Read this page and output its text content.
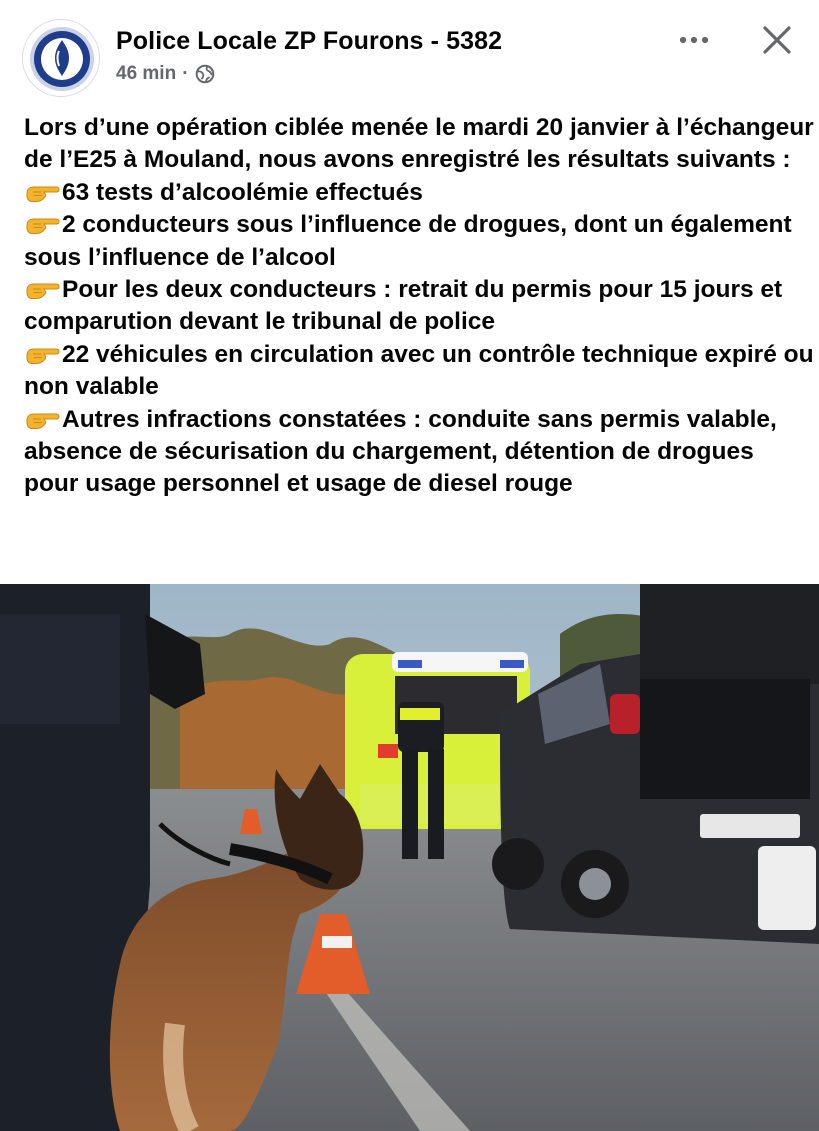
Police Locale ZP Fourons - 5382
46 min ·

Lors d’une opération ciblée menée le mardi 20 janvier à l’échangeur de l’E25 à Mouland, nous avons enregistré les résultats suivants :

63 tests d’alcoolémie effectués
2 conducteurs sous l’influence de drogues, dont un également sous l’influence de l’alcool
Pour les deux conducteurs : retrait du permis pour 15 jours et comparution devant le tribunal de police
22 véhicules en circulation avec un contrôle technique expiré ou non valable
Autres infractions constatées : conduite sans permis valable, absence de sécurisation du chargement, détention de drogues pour usage personnel et usage de diesel rouge
